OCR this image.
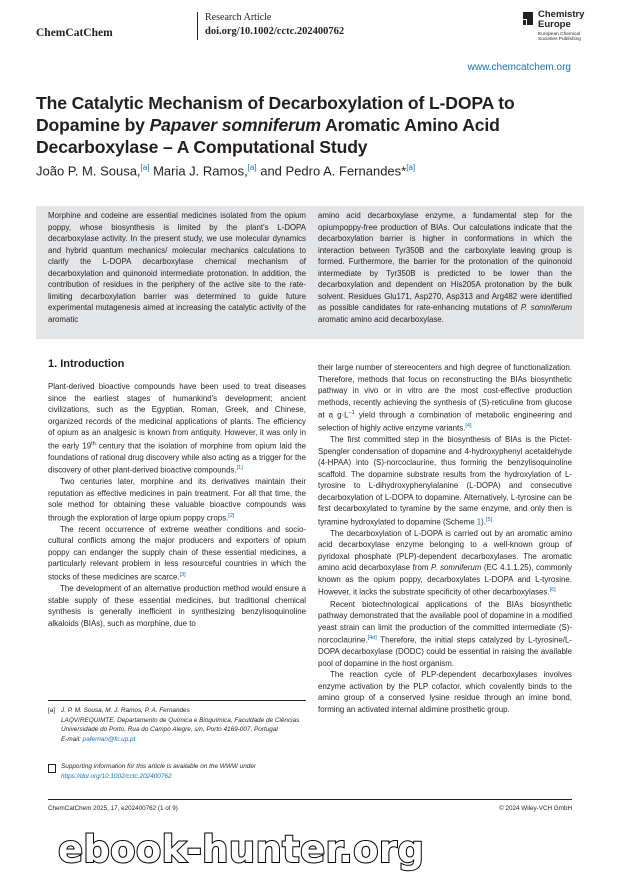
ChemCatChem
Research Article
doi.org/10.1002/cctc.202400762
Chemistry
Europe
European Chemical
Societies Publishing
www.chemcatchem.org
The Catalytic Mechanism of Decarboxylation of L-DOPA to Dopamine by Papaver somniferum Aromatic Amino Acid Decarboxylase – A Computational Study
João P. M. Sousa,[a] Maria J. Ramos,[a] and Pedro A. Fernandes*[a]
Morphine and codeine are essential medicines isolated from the opium poppy, whose biosynthesis is limited by the plant's L-DOPA decarboxylase activity. In the present study, we use molecular dynamics and hybrid quantum mechanics/ molecular mechanics calculations to clarify the L-DOPA decarboxylase chemical mechanism of decarboxylation and quinonoid intermediate protonation. In addition, the contribution of residues in the periphery of the active site to the rate-limiting decarboxylation barrier was determined to guide future experimental mutagenesis aimed at increasing the catalytic activity of the aromatic
amino acid decarboxylase enzyme, a fundamental step for the opiumpoppy-free production of BIAs. Our calculations indicate that the decarboxylation barrier is higher in conformations in which the interaction between Tyr350B and the carboxylate leaving group is formed. Furthermore, the barrier for the protonation of the quinonoid intermediate by Tyr350B is predicted to be lower than the decarboxylation and dependent on His205A protonation by the bulk solvent. Residues Glu171, Asp270, Asp313 and Arg482 were identified as possible candidates for rate-enhancing mutations of P. somniferum aromatic amino acid decarboxylase.
1. Introduction

Plant-derived bioactive compounds have been used to treat diseases since the earliest stages of humankind's development; ancient civilizations, such as the Egyptian, Roman, Greek, and Chinese, organized records of the medicinal applications of plants. The efficiency of opium as an analgesic is known from antiquity. However, it was only in the early 19th century that the isolation of morphine from opium laid the foundations of rational drug discovery while also acting as a trigger for the discovery of other plant-derived bioactive compounds.[1]

Two centuries later, morphine and its derivatives maintain their reputation as effective medicines in pain treatment. For all that time, the sole method for obtaining these valuable bioactive compounds was through the exploration of large opium poppy crops.[2]

The recent occurrence of extreme weather conditions and socio-cultural conflicts among the major producers and exporters of opium poppy can endanger the supply chain of these essential medicines, a particularly relevant problem in less resourceful countries in which the stocks of these medicines are scarce.[3]

The development of an alternative production method would ensure a stable supply of these essential medicines, but traditional chemical synthesis is generally inefficient in synthesizing benzylisoquinoline alkaloids (BIAs), such as morphine, due to

[a] J. P. M. Sousa, M. J. Ramos, P. A. Fernandes
LAQV/REQUIMTE, Departamento de Química e Bioquímica, Faculdade de Ciências Universidade do Porto, Rua do Campo Alegre, s/n, Porto 4169-007, Portugal
E-mail: pafernan@fc.up.pt
Supporting information for this article is available on the WWW under https://doi.org/10.1002/cctc.202400762

their large number of stereocenters and high degree of functionalization. Therefore, methods that focus on reconstructing the BIAs biosynthetic pathway in vivo or in vitro are the most cost-effective production methods, recently achieving the synthesis of (S)-reticuline from glucose at a $g\cdot L^{-1}$ yield through a combination of metabolic engineering and selection of highly active enzyme variants.[4]

The first committed step in the biosynthesis of BIAs is the Pictet-Spengler condensation of dopamine and 4-hydroxyphenyl acetaldehyde (4-HPAA) into (S)-norcoclaurine, thus forming the benzylisoquinoline scaffold. The dopamine substrate results from the hydroxylation of L-tyrosine to L-dihydroxyphenylalanine (L-DOPA) and consecutive decarboxylation of L-DOPA to dopamine. Alternatively, L-tyrosine can be first decarboxylated to tyramine by the same enzyme, and only then is tyramine hydroxylated to dopamine (Scheme 1).[5]

The decarboxylation of L-DOPA is carried out by an aromatic amino acid decarboxylase enzyme belonging to a well-known group of pyridoxal phosphate (PLP)-dependent decarboxylases. The aromatic amino acid decarboxylase from P. somniferum (EC 4.1.1.25), commonly known as the opium poppy, decarboxylates L-DOPA and L-tyrosine. However, it lacks the substrate specificity of other decarboxylases.[6]

Recent biotechnological applications of the BIAs biosynthetic pathway demonstrated that the available pool of dopamine in a modified yeast strain can limit the production of the committed intermediate (S)-norcoclaurine.[4d] Therefore, the initial steps catalyzed by L-tyrosine/L-DOPA decarboxylase (DODC) could be essential in raising the available pool of dopamine in the host organism.

The reaction cycle of PLP-dependent decarboxylases involves enzyme activation by the PLP cofactor, which covalently binds to the amino group of a conserved lysine residue through an imine bond, forming an activated internal aldimine prosthetic group.

ChemCatChem 2025, 17, e202400762 (1 of 9)	© 2024 Wiley-VCH GmbH
ebook-hunter.org
